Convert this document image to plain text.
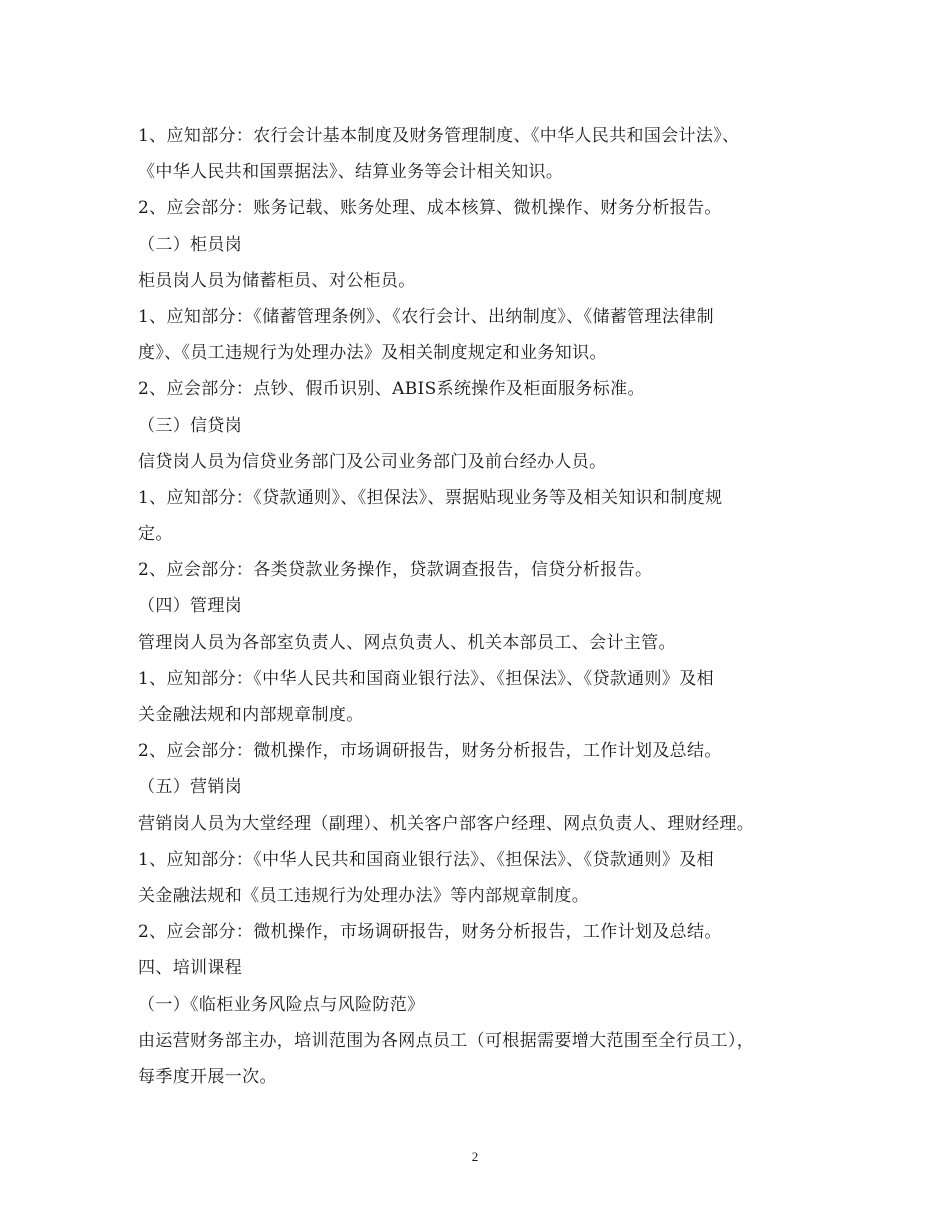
1、应知部分：农行会计基本制度及财务管理制度、《中华人民共和国会计法》、
《中华人民共和国票据法》、结算业务等会计相关知识。
2、应会部分：账务记载、账务处理、成本核算、微机操作、财务分析报告。
（二）柜员岗
柜员岗人员为储蓄柜员、对公柜员。
1、应知部分：《储蓄管理条例》、《农行会计、出纳制度》、《储蓄管理法律制
度》、《员工违规行为处理办法》及相关制度规定和业务知识。
2、应会部分：点钞、假币识别、ABIS系统操作及柜面服务标准。
（三）信贷岗
信贷岗人员为信贷业务部门及公司业务部门及前台经办人员。
1、应知部分：《贷款通则》、《担保法》、票据贴现业务等及相关知识和制度规
定。
2、应会部分：各类贷款业务操作，贷款调查报告，信贷分析报告。
（四）管理岗
管理岗人员为各部室负责人、网点负责人、机关本部员工、会计主管。
1、应知部分：《中华人民共和国商业银行法》、《担保法》、《贷款通则》及相
关金融法规和内部规章制度。
2、应会部分：微机操作，市场调研报告，财务分析报告，工作计划及总结。
（五）营销岗
营销岗人员为大堂经理（副理）、机关客户部客户经理、网点负责人、理财经理。
1、应知部分：《中华人民共和国商业银行法》、《担保法》、《贷款通则》及相
关金融法规和《员工违规行为处理办法》等内部规章制度。
2、应会部分：微机操作，市场调研报告，财务分析报告，工作计划及总结。
四、培训课程
（一）《临柜业务风险点与风险防范》
由运营财务部主办，培训范围为各网点员工（可根据需要增大范围至全行员工），
每季度开展一次。
2
